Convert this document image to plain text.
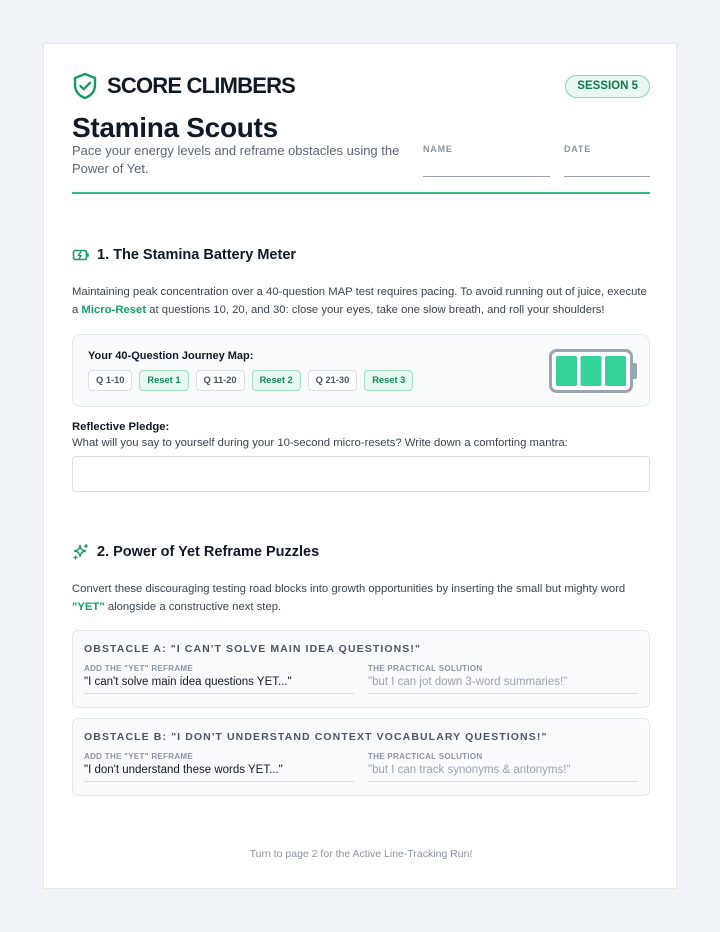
SCORE CLIMBERS	SESSION 5
Stamina Scouts
Pace your energy levels and reframe obstacles using the Power of Yet.
NAME	DATE
1. The Stamina Battery Meter

Maintaining peak concentration over a 40-question MAP test requires pacing. To avoid running out of juice, execute a Micro-Reset at questions 10, 20, and 30: close your eyes, take one slow breath, and roll your shoulders!

Your 40-Question Journey Map:
Q 1-10	Reset 1	Q 11-20	Reset 2	Q 21-30	Reset 3
Reflective Pledge:
What will you say to yourself during your 10-second micro-resets? Write down a comforting mantra:
2. Power of Yet Reframe Puzzles

Convert these discouraging testing road blocks into growth opportunities by inserting the small but mighty word "YET" alongside a constructive next step.

OBSTACLE A: "I CAN'T SOLVE MAIN IDEA QUESTIONS!"
ADD THE "YET" REFRAME
"I can't solve main idea questions YET..."
THE PRACTICAL SOLUTION
"but I can jot down 3-word summaries!"
OBSTACLE B: "I DON'T UNDERSTAND CONTEXT VOCABULARY QUESTIONS!"
ADD THE "YET" REFRAME
"I don't understand these words YET..."
THE PRACTICAL SOLUTION
"but I can track synonyms & antonyms!"
Turn to page 2 for the Active Line-Tracking Run!
